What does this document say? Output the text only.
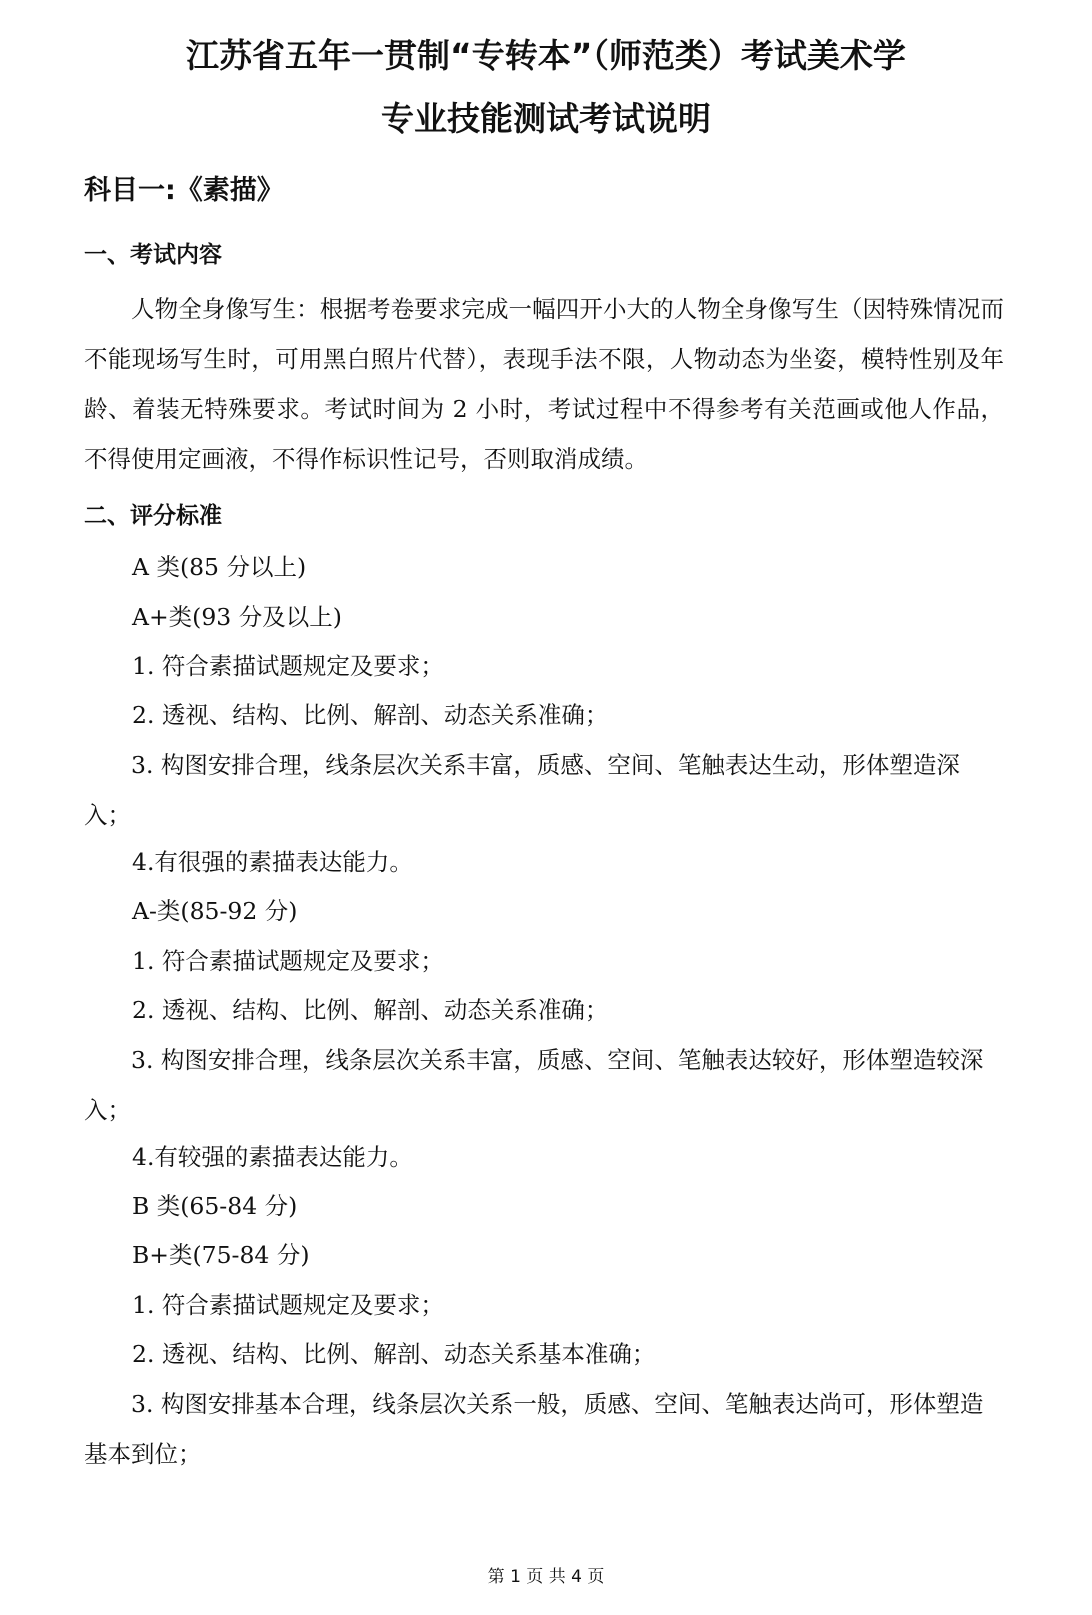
江苏省五年一贯制“专转本”（师范类）考试美术学
专业技能测试考试说明
科目一:《素描》
一、考试内容
人物全身像写生：根据考卷要求完成一幅四开小大的人物全身像写生（因特殊情况而不能现场写生时，可用黑白照片代替），表现手法不限，人物动态为坐姿，模特性别及年龄、着装无特殊要求。考试时间为 2 小时，考试过程中不得参考有关范画或他人作品，不得使用定画液，不得作标识性记号，否则取消成绩。
二、评分标准
A 类(85 分以上)
A+类(93 分及以上)
1. 符合素描试题规定及要求；
2. 透视、结构、比例、解剖、动态关系准确；
3. 构图安排合理，线条层次关系丰富，质感、空间、笔触表达生动，形体塑造深入；
4.有很强的素描表达能力。
A-类(85-92 分)
1. 符合素描试题规定及要求；
2. 透视、结构、比例、解剖、动态关系准确；
3. 构图安排合理，线条层次关系丰富，质感、空间、笔触表达较好，形体塑造较深入；
4.有较强的素描表达能力。
B 类(65-84 分)
B+类(75-84 分)
1. 符合素描试题规定及要求；
2. 透视、结构、比例、解剖、动态关系基本准确；
3. 构图安排基本合理，线条层次关系一般，质感、空间、笔触表达尚可，形体塑造基本到位；
第 1 页 共 4 页
